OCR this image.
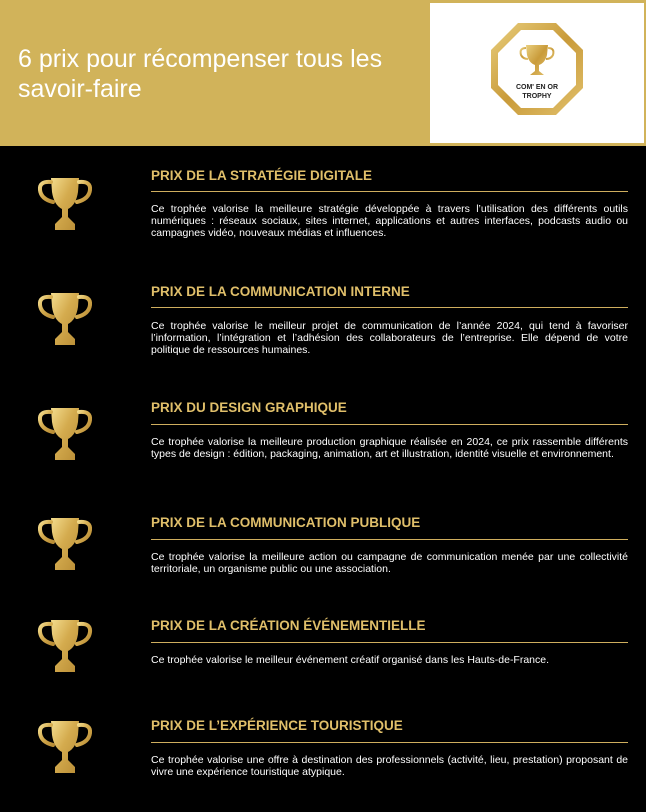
6 prix pour récompenser tous les savoir-faire	COM' EN OR
TROPHY
PRIX DE LA STRATÉGIE DIGITALE
Ce trophée valorise la meilleure stratégie développée à travers l’utilisation des différents outils numériques : réseaux sociaux, sites internet, applications et autres interfaces, podcasts audio ou campagnes vidéo, nouveaux médias et influences.
PRIX DE LA COMMUNICATION INTERNE
Ce trophée valorise le meilleur projet de communication de l’année 2024, qui tend à favoriser l’information, l’intégration et l’adhésion des collaborateurs de l’entreprise. Elle dépend de votre politique de ressources humaines.
PRIX DU DESIGN GRAPHIQUE
Ce trophée valorise la meilleure production graphique réalisée en 2024, ce prix rassemble différents types de design : édition, packaging, animation, art et illustration, identité visuelle et environnement.
PRIX DE LA COMMUNICATION PUBLIQUE
Ce trophée valorise la meilleure action ou campagne de communication menée par une collectivité territoriale, un organisme public ou une association.
PRIX DE LA CRÉATION ÉVÉNEMENTIELLE
Ce trophée valorise le meilleur événement créatif organisé dans les Hauts-de-France.
PRIX DE L’EXPÉRIENCE TOURISTIQUE
Ce trophée valorise une offre à destination des professionnels (activité, lieu, prestation) proposant de vivre une expérience touristique atypique.
